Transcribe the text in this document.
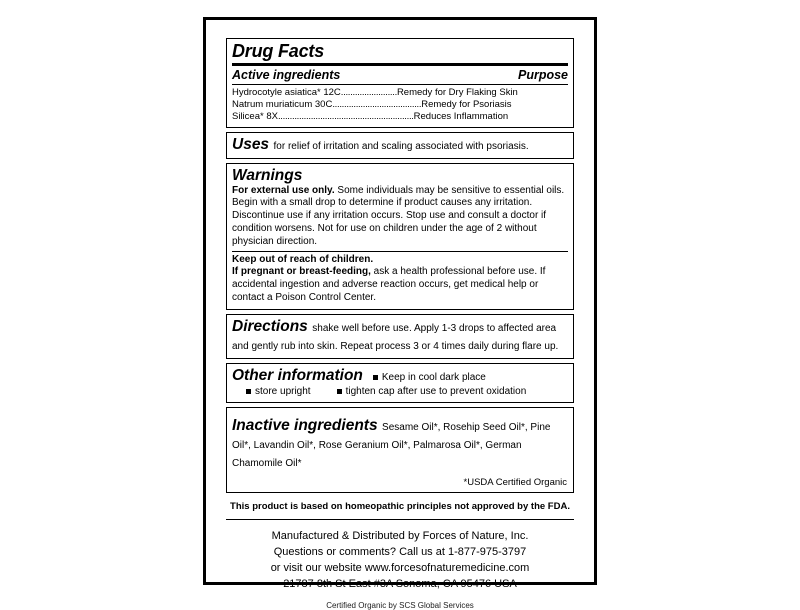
Drug Facts
Active ingredients	Purpose
Hydrocotyle asiatica* 12C........................Remedy for Dry Flaking Skin
Natrum muriaticum 30C......................................Remedy for Psoriasis
Silicea* 8X..........................................................Reduces Inflammation
Uses for relief of irritation and scaling associated with psoriasis.
Warnings
For external use only. Some individuals may be sensitive to essential oils. Begin with a small drop to determine if product causes any irritation. Discontinue use if any irritation occurs. Stop use and consult a doctor if condition worsens. Not for use on children under the age of 2 without physician direction.
Keep out of reach of children.
If pregnant or breast-feeding, ask a health professional before use. If accidental ingestion and adverse reaction occurs, get medical help or contact a Poison Control Center.
Directions shake well before use. Apply 1-3 drops to affected area and gently rub into skin. Repeat process 3 or 4 times daily during flare up.
Other information	Keep in cool dark place
store upright	tighten cap after use to prevent oxidation
Inactive ingredients Sesame Oil*, Rosehip Seed Oil*, Pine Oil*, Lavandin Oil*, Rose Geranium Oil*, Palmarosa Oil*, German Chamomile Oil*
*USDA Certified Organic
This product is based on homeopathic principles not approved by the FDA.
Manufactured & Distributed by Forces of Nature, Inc.
Questions or comments? Call us at 1-877-975-3797
or visit our website www.forcesofnaturemedicine.com
21787 8th St East #3A Sonoma, CA 95476 USA
Certified Organic by SCS Global Services
